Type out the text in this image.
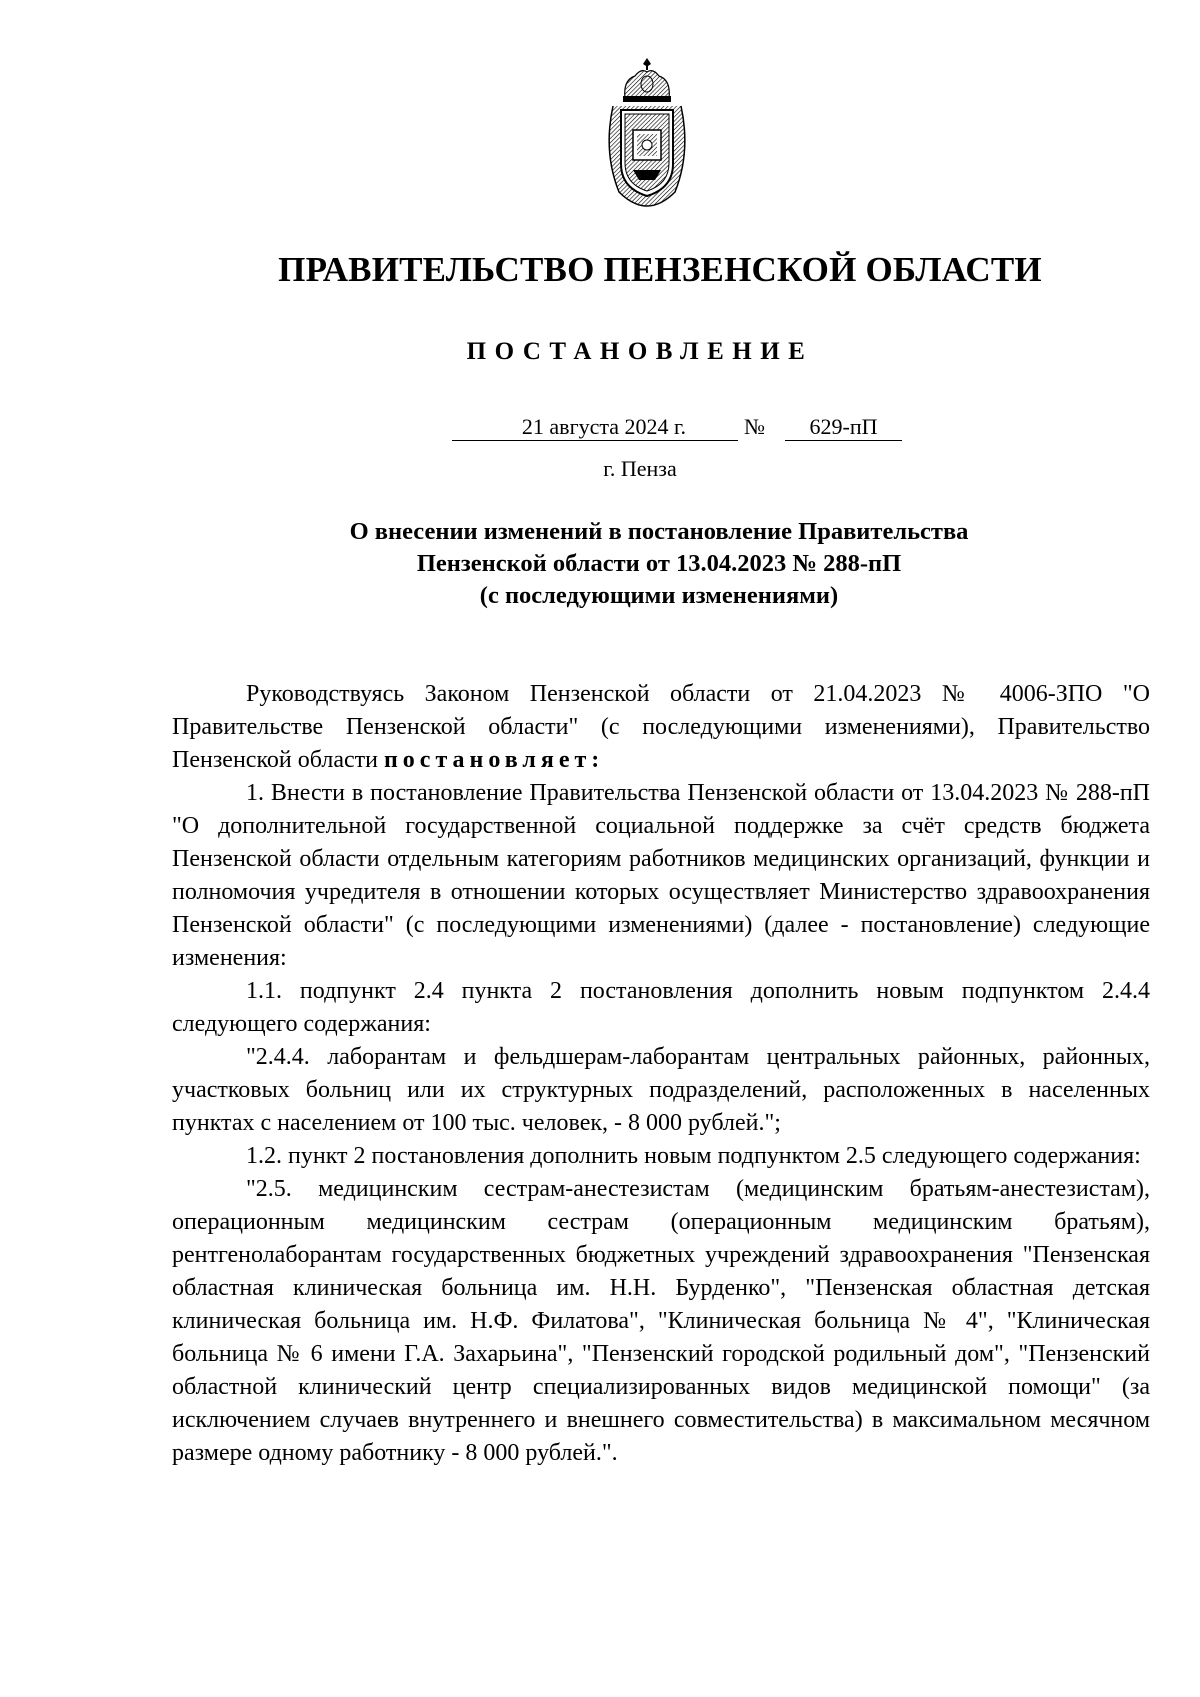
ПРАВИТЕЛЬСТВО ПЕНЗЕНСКОЙ ОБЛАСТИ
ПОСТАНОВЛЕНИЕ
21 августа 2024 г.	№	629-пП
г. Пенза
О внесении изменений в постановление Правительства
Пензенской области от 13.04.2023 № 288-пП
(с последующими изменениями)

Руководствуясь Законом Пензенской области от 21.04.2023 № 4006-ЗПО "О Правительстве Пензенской области" (с последующими изменениями), Правительство Пензенской области постановляет:

1. Внести в постановление Правительства Пензенской области от 13.04.2023 № 288-пП "О дополнительной государственной социальной поддержке за счёт средств бюджета Пензенской области отдельным категориям работников медицинских организаций, функции и полномочия учредителя в отношении которых осуществляет Министерство здравоохранения Пензенской области" (с последующими изменениями) (далее - постановление) следующие изменения:

1.1. подпункт 2.4 пункта 2 постановления дополнить новым подпунктом 2.4.4 следующего содержания:

"2.4.4. лаборантам и фельдшерам-лаборантам центральных районных, районных, участковых больниц или их структурных подразделений, расположенных в населенных пунктах с населением от 100 тыс. человек, - 8 000 рублей.";

1.2. пункт 2 постановления дополнить новым подпунктом 2.5 следующего содержания:

"2.5. медицинским сестрам-анестезистам (медицинским братьям-анестезистам), операционным медицинским сестрам (операционным медицинским братьям), рентгенолаборантам государственных бюджетных учреждений здравоохранения "Пензенская областная клиническая больница им. Н.Н. Бурденко", "Пензенская областная детская клиническая больница им. Н.Ф. Филатова", "Клиническая больница № 4", "Клиническая больница № 6 имени Г.А. Захарьина", "Пензенский городской родильный дом", "Пензенский областной клинический центр специализированных видов медицинской помощи" (за исключением случаев внутреннего и внешнего совместительства) в максимальном месячном размере одному работнику - 8 000 рублей.".
